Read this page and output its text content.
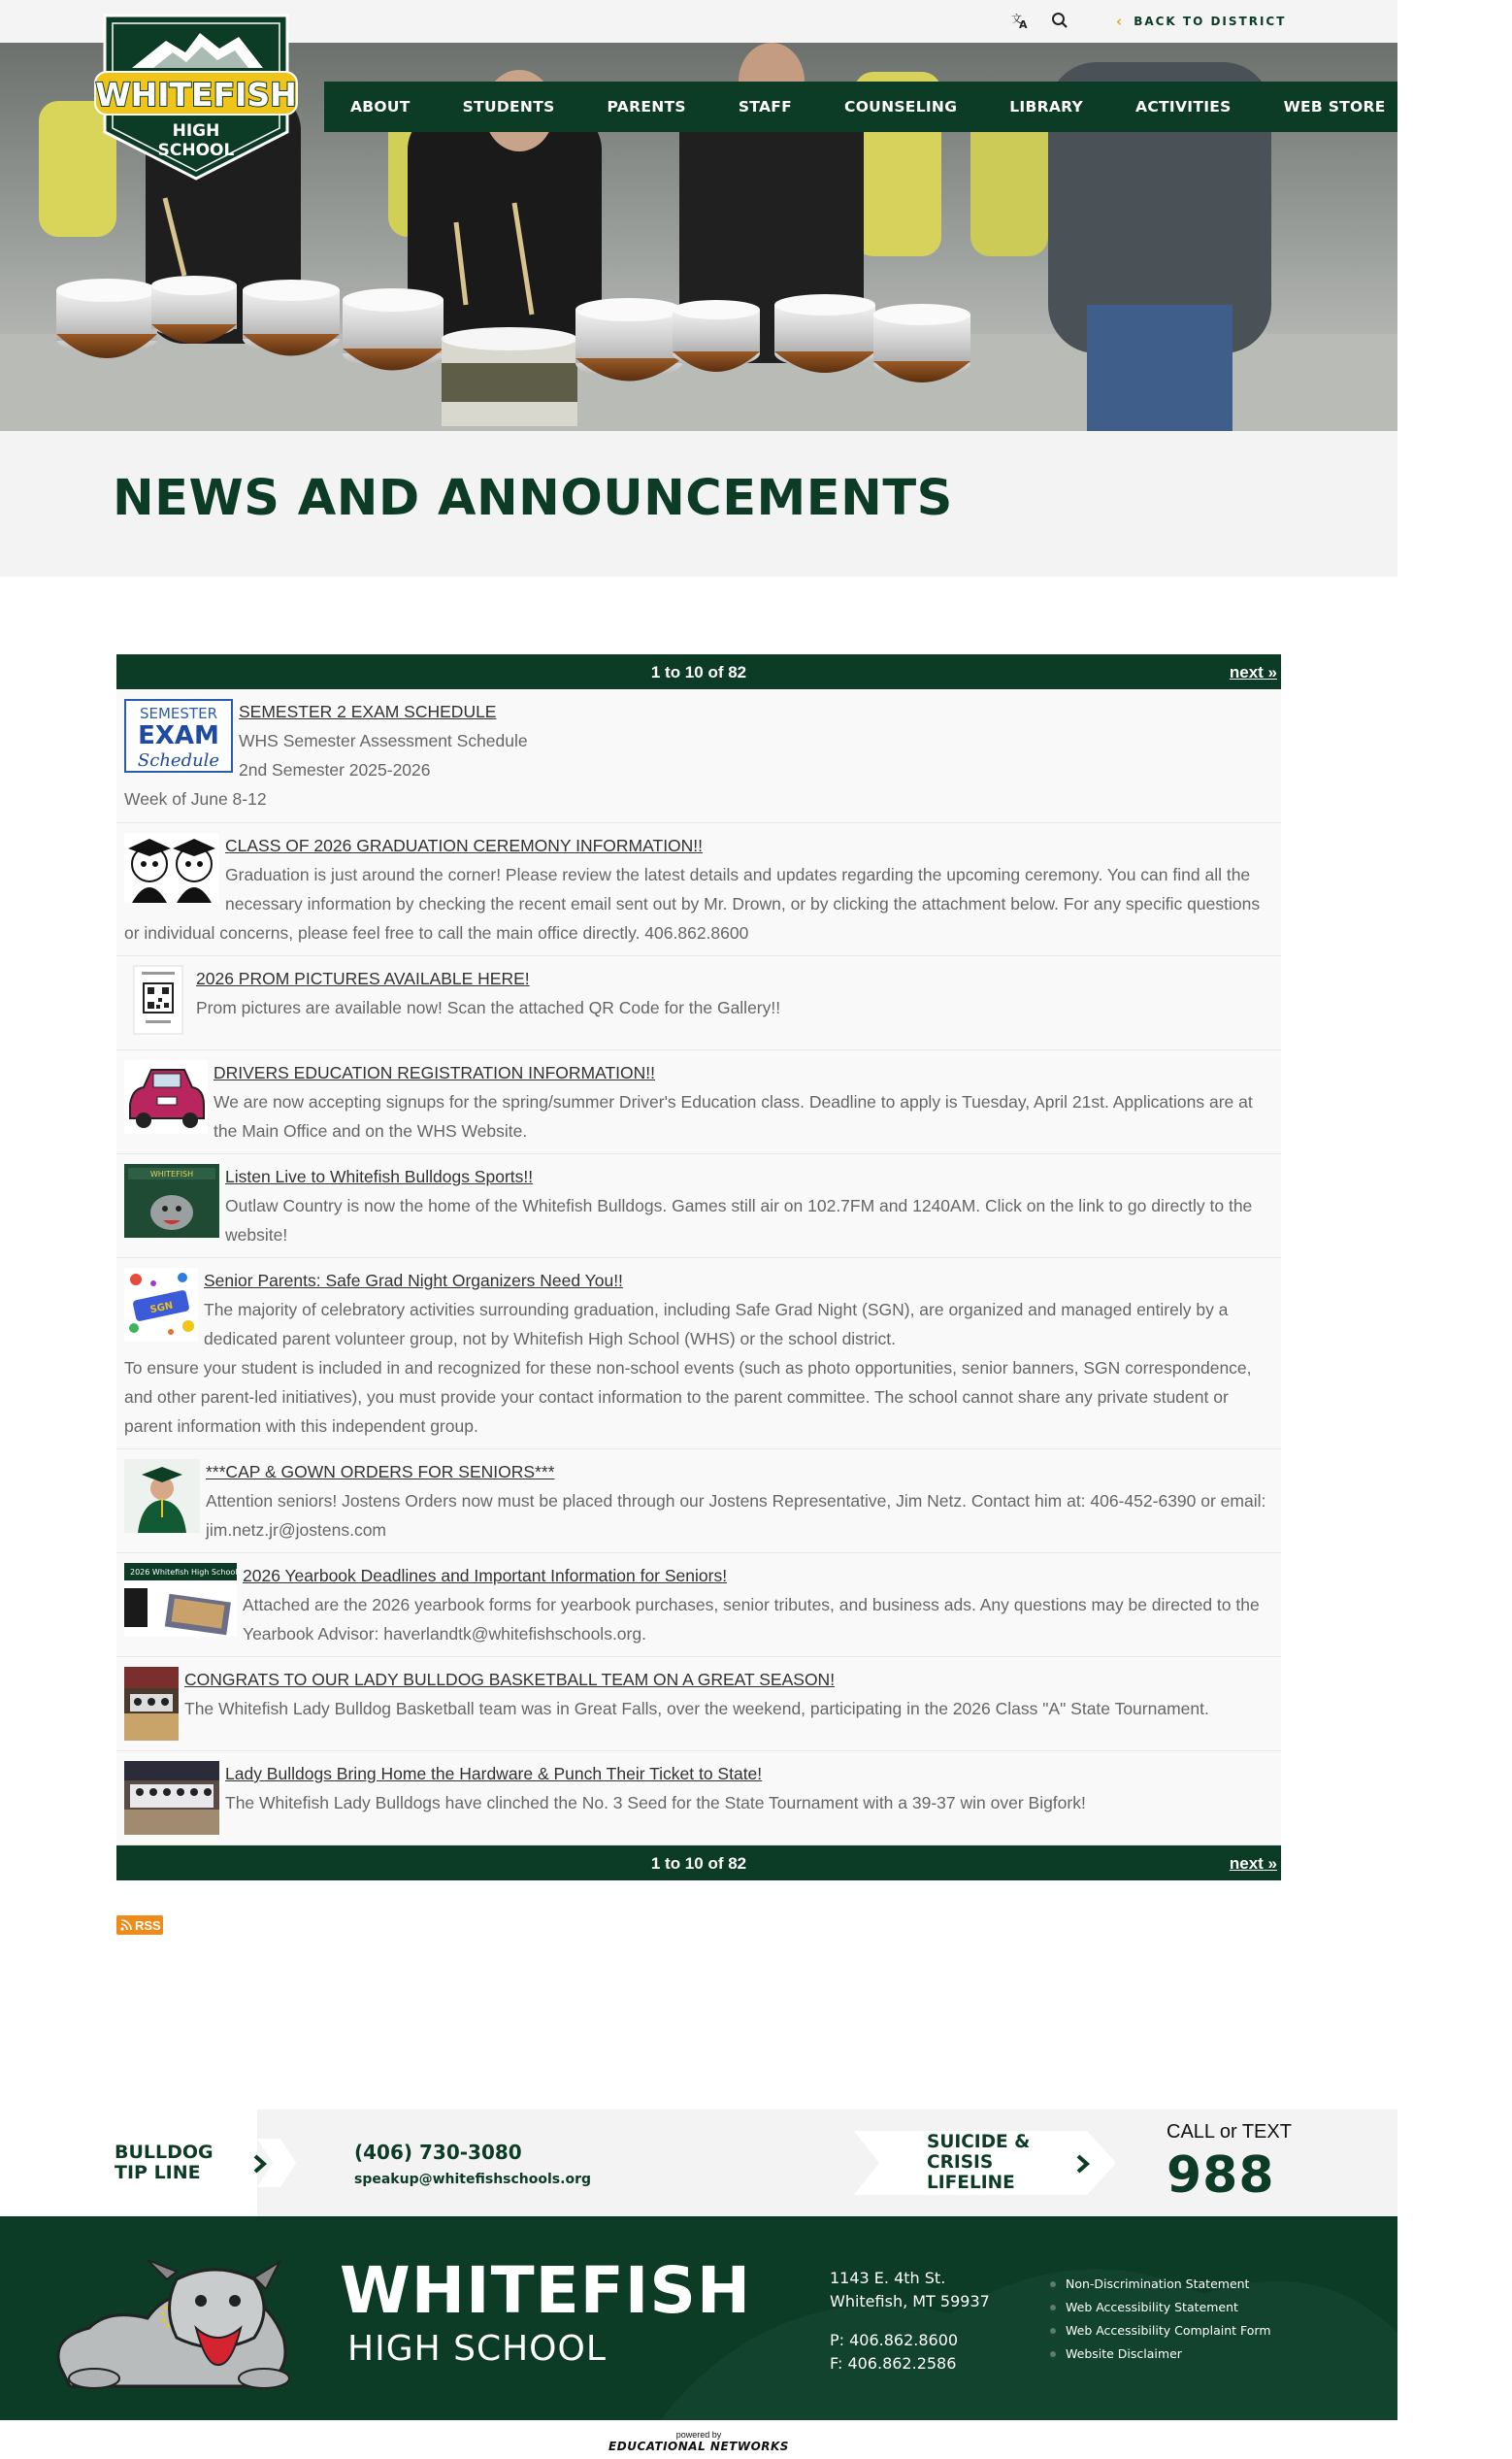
文
A	‹ BACK TO DISTRICT
WHITEFISH
HIGH
SCHOOL
ABOUT	STUDENTS	PARENTS	STAFF	COUNSELING	LIBRARY	ACTIVITIES	WEB STORE	CONT
NEWS AND ANNOUNCEMENTS
1 to 10 of 82	next »
SEMESTER
EXAM
Schedule

SEMESTER 2 EXAM SCHEDULE

WHS Semester Assessment Schedule

2nd Semester 2025-2026

Week of June 8-12

CLASS OF 2026 GRADUATION CEREMONY INFORMATION!!

Graduation is just around the corner! Please review the latest details and updates regarding the upcoming ceremony. You can find all the necessary information by checking the recent email sent out by Mr. Drown, or by clicking the attachment below. For any specific questions or individual concerns, please feel free to call the main office directly. 406.862.8600

2026 PROM PICTURES AVAILABLE HERE!

Prom pictures are available now! Scan the attached QR Code for the Gallery!!

DRIVERS EDUCATION REGISTRATION INFORMATION!!

We are now accepting signups for the spring/summer Driver's Education class. Deadline to apply is Tuesday, April 21st. Applications are at the Main Office and on the WHS Website.

WHITEFISH	Listen Live to Whitefish Bulldogs Sports!!

Outlaw Country is now the home of the Whitefish Bulldogs. Games still air on 102.7FM and 1240AM. Click on the link to go directly to the website!

SGN

Senior Parents: Safe Grad Night Organizers Need You!!

The majority of celebratory activities surrounding graduation, including Safe Grad Night (SGN), are organized and managed entirely by a dedicated parent volunteer group, not by Whitefish High School (WHS) or the school district.

To ensure your student is included in and recognized for these non-school events (such as photo opportunities, senior banners, SGN correspondence, and other parent-led initiatives), you must provide your contact information to the parent committee. The school cannot share any private student or parent information with this independent group.

***CAP & GOWN ORDERS FOR SENIORS***

Attention seniors! Jostens Orders now must be placed through our Jostens Representative, Jim Netz. Contact him at: 406-452-6390 or email: jim.netz.jr@jostens.com

2026 Whitefish High School 2026 Yearbook Deadlines and Important Information for Seniors!

Attached are the 2026 yearbook forms for yearbook purchases, senior tributes, and business ads. Any questions may be directed to the Yearbook Advisor: haverlandtk@whitefishschools.org.

CONGRATS TO OUR LADY BULLDOG BASKETBALL TEAM ON A GREAT SEASON!

The Whitefish Lady Bulldog Basketball team was in Great Falls, over the weekend, participating in the 2026 Class "A" State Tournament.

Lady Bulldogs Bring Home the Hardware & Punch Their Ticket to State!

The Whitefish Lady Bulldogs have clinched the No. 3 Seed for the State Tournament with a 39-37 win over Bigfork!

1 to 10 of 82	next »
RSS
BULLDOG
TIP LINE
(406) 730-3080
speakup@whitefishschools.org
SUICIDE &
CRISIS
LIFELINE
CALL or TEXT
988
WHITEFISH
HIGH SCHOOL
1143 E. 4th St.
Whitefish, MT 59937
P: 406.862.8600
F: 406.862.2586
Non-Discrimination Statement
Web Accessibility Statement
Web Accessibility Complaint Form
Website Disclaimer
powered by
EDUCATIONAL NETWORKS
